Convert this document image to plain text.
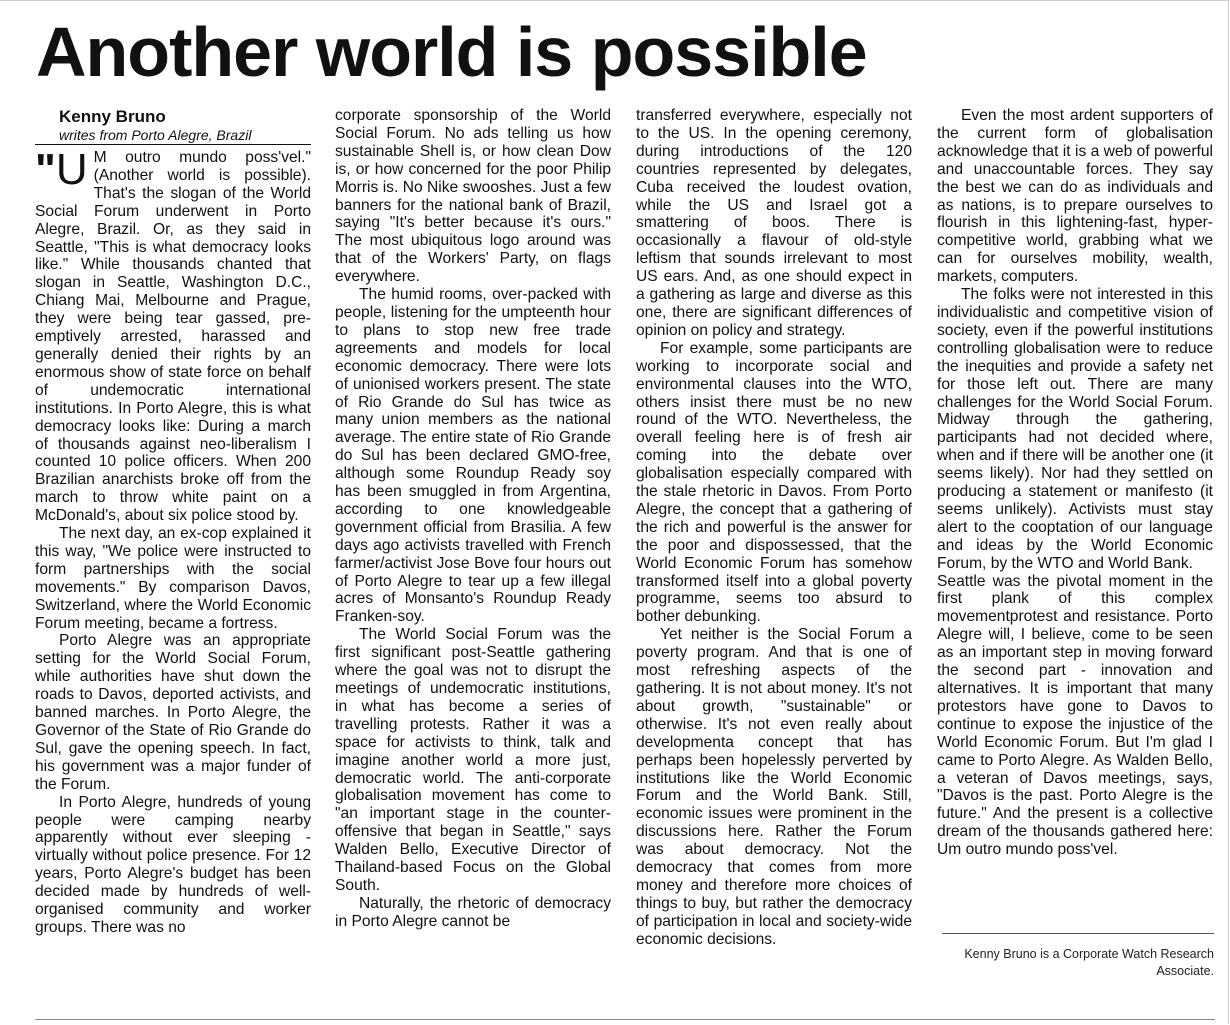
Another world is possible

Kenny Bruno

writes from Porto Alegre, Brazil

"U M outro mundo poss'vel." (Another world is possible). That's the slogan of the World Social Forum underwent in Porto Alegre, Brazil. Or, as they said in Seattle, "This is what democracy looks like." While thousands chanted that slogan in Seattle, Washington D.C., Chiang Mai, Melbourne and Prague, they were being tear gassed, pre-emptively arrested, harassed and generally denied their rights by an enormous show of state force on behalf of undemocratic international institutions. In Porto Alegre, this is what democracy looks like: During a march of thousands against neo-liberalism I counted 10 police officers. When 200 Brazilian anarchists broke off from the march to throw white paint on a McDonald's, about six police stood by.

The next day, an ex-cop explained it this way, "We police were instructed to form partnerships with the social movements." By comparison Davos, Switzerland, where the World Economic Forum meeting, became a fortress.

Porto Alegre was an appropriate setting for the World Social Forum, while authorities have shut down the roads to Davos, deported activists, and banned marches. In Porto Alegre, the Governor of the State of Rio Grande do Sul, gave the opening speech. In fact, his government was a major funder of the Forum.

In Porto Alegre, hundreds of young people were camping nearby apparently without ever sleeping - virtually without police presence. For 12 years, Porto Alegre's budget has been decided made by hundreds of well-organised community and worker groups. There was no

corporate sponsorship of the World Social Forum. No ads telling us how sustainable Shell is, or how clean Dow is, or how concerned for the poor Philip Morris is. No Nike swooshes. Just a few banners for the national bank of Brazil, saying "It's better because it's ours." The most ubiquitous logo around was that of the Workers' Party, on flags everywhere.

The humid rooms, over-packed with people, listening for the umpteenth hour to plans to stop new free trade agreements and models for local economic democracy. There were lots of unionised workers present. The state of Rio Grande do Sul has twice as many union members as the national average. The entire state of Rio Grande do Sul has been declared GMO-free, although some Roundup Ready soy has been smuggled in from Argentina, according to one knowledgeable government official from Brasilia. A few days ago activists travelled with French farmer/activist Jose Bove four hours out of Porto Alegre to tear up a few illegal acres of Monsanto's Roundup Ready Franken-soy.

The World Social Forum was the first significant post-Seattle gathering where the goal was not to disrupt the meetings of undemocratic institutions, in what has become a series of travelling protests. Rather it was a space for activists to think, talk and imagine another world a more just, democratic world. The anti-corporate globalisation movement has come to "an important stage in the counter-offensive that began in Seattle," says Walden Bello, Executive Director of Thailand-based Focus on the Global South.

Naturally, the rhetoric of democracy in Porto Alegre cannot be

transferred everywhere, especially not to the US. In the opening ceremony, during introductions of the 120 countries represented by delegates, Cuba received the loudest ovation, while the US and Israel got a smattering of boos. There is occasionally a flavour of old-style leftism that sounds irrelevant to most US ears. And, as one should expect in a gathering as large and diverse as this one, there are significant differences of opinion on policy and strategy.

For example, some participants are working to incorporate social and environmental clauses into the WTO, others insist there must be no new round of the WTO. Nevertheless, the overall feeling here is of fresh air coming into the debate over globalisation especially compared with the stale rhetoric in Davos. From Porto Alegre, the concept that a gathering of the rich and powerful is the answer for the poor and dispossessed, that the World Economic Forum has somehow transformed itself into a global poverty programme, seems too absurd to bother debunking.

Yet neither is the Social Forum a poverty program. And that is one of most refreshing aspects of the gathering. It is not about money. It's not about growth, "sustainable" or otherwise. It's not even really about developmenta concept that has perhaps been hopelessly perverted by institutions like the World Economic Forum and the World Bank. Still, economic issues were prominent in the discussions here. Rather the Forum was about democracy. Not the democracy that comes from more money and therefore more choices of things to buy, but rather the democracy of participation in local and society-wide economic decisions.

Even the most ardent supporters of the current form of globalisation acknowledge that it is a web of powerful and unaccountable forces. They say the best we can do as individuals and as nations, is to prepare ourselves to flourish in this lightening-fast, hyper-competitive world, grabbing what we can for ourselves mobility, wealth, markets, computers.

The folks were not interested in this individualistic and competitive vision of society, even if the powerful institutions controlling globalisation were to reduce the inequities and provide a safety net for those left out. There are many challenges for the World Social Forum. Midway through the gathering, participants had not decided where, when and if there will be another one (it seems likely). Nor had they settled on producing a statement or manifesto (it seems unlikely). Activists must stay alert to the cooptation of our language and ideas by the World Economic Forum, by the WTO and World Bank.

Seattle was the pivotal moment in the first plank of this complex movementprotest and resistance. Porto Alegre will, I believe, come to be seen as an important step in moving forward the second part - innovation and alternatives. It is important that many protestors have gone to Davos to continue to expose the injustice of the World Economic Forum. But I'm glad I came to Porto Alegre. As Walden Bello, a veteran of Davos meetings, says, "Davos is the past. Porto Alegre is the future." And the present is a collective dream of the thousands gathered here: Um outro mundo poss'vel.

Kenny Bruno is a Corporate Watch Research Associate.
